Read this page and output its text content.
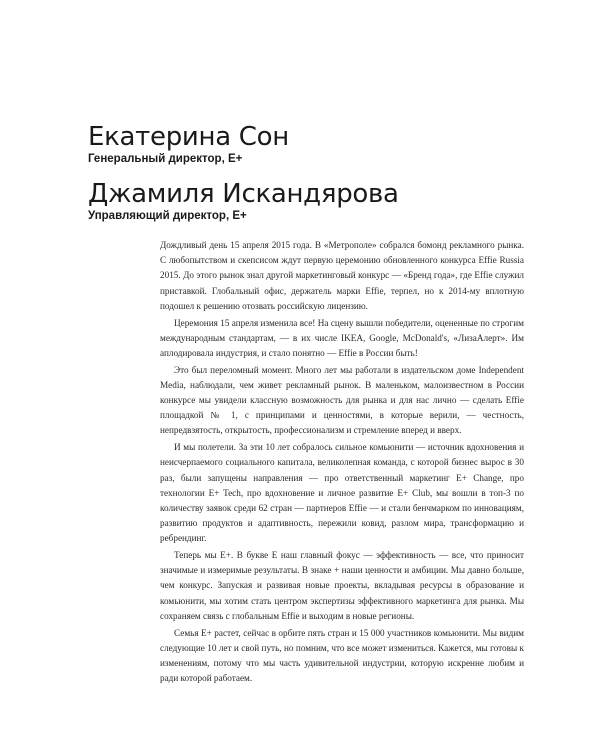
Екатерина Сон
Генеральный директор, E+
Джамиля Искандярова
Управляющий директор, E+

Дождливый день 15 апреля 2015 года. В «Метрополе» собрался бомонд рекламного рынка. С любопытством и скепсисом ждут первую церемонию обновленного конкурса Effie Russia 2015. До этого рынок знал другой маркетинговый конкурс — «Бренд года», где Effie служил приставкой. Глобальный офис, держатель марки Effie, терпел, но к 2014-му вплотную подошел к решению отозвать российскую лицензию.

Церемония 15 апреля изменила все! На сцену вышли победители, оцененные по строгим международным стандартам, — в их числе IKEA, Google, McDonald's, «ЛизаАлерт». Им аплодировала индустрия, и стало понятно — Effie в России быть!

Это был переломный момент. Много лет мы работали в издательском доме Independent Media, наблюдали, чем живет рекламный рынок. В маленьком, малоизвестном в России конкурсе мы увидели классную возможность для рынка и для нас лично — сделать Effie площадкой № 1, с принципами и ценностями, в которые верили, — честность, непредвзятость, открытость, профессионализм и стремление вперед и вверх.

И мы полетели. За эти 10 лет собралось сильное комьюнити — источник вдохновения и неисчерпаемого социального капитала, великолепная команда, с которой бизнес вырос в 30 раз, были запущены направления — про ответственный маркетинг E+ Change, про технологии E+ Tech, про вдохновение и личное развитие E+ Club, мы вошли в топ-3 по количеству заявок среди 62 стран — партнеров Effie — и стали бенчмарком по инновациям, развитию продуктов и адаптивность, пережили ковид, разлом мира, трансформацию и ребрендинг.

Теперь мы E+. В букве E наш главный фокус — эффективность — все, что приносит значимые и измеримые результаты. В знаке + наши ценности и амбиции. Мы давно больше, чем конкурс. Запуская и развивая новые проекты, вкладывая ресурсы в образование и комьюнити, мы хотим стать центром экспертизы эффективного маркетинга для рынка. Мы сохраняем связь с глобальным Effie и выходим в новые регионы.

Семья E+ растет, сейчас в орбите пять стран и 15 000 участников комьюнити. Мы видим следующие 10 лет и свой путь, но помним, что все может измениться. Кажется, мы готовы к изменениям, потому что мы часть удивительной индустрии, которую искренне любим и ради которой работаем.
